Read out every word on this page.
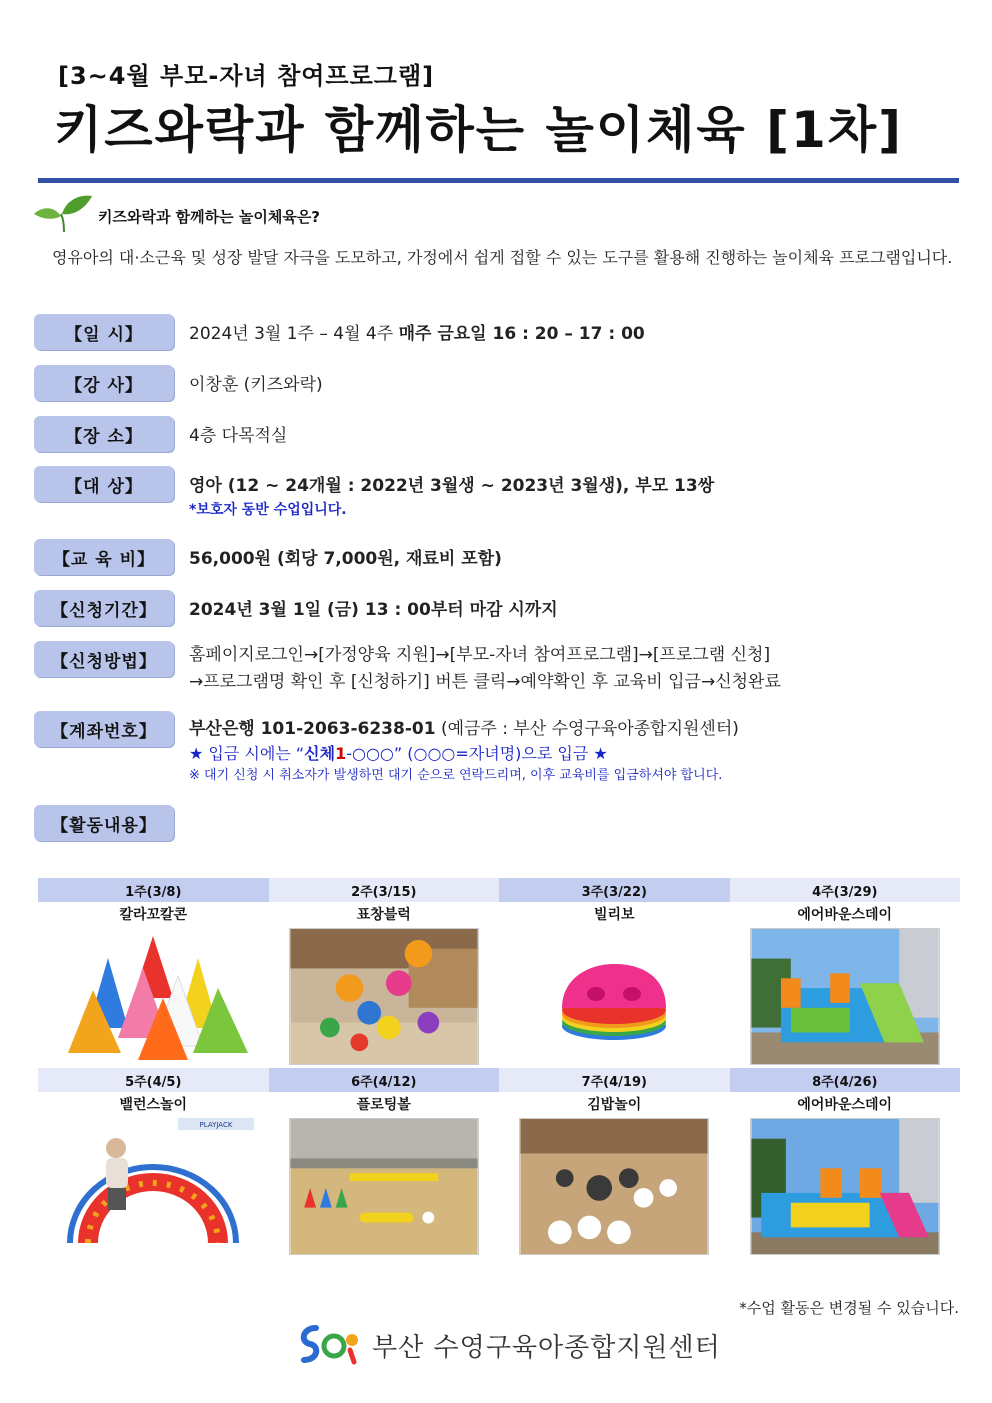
[3~4월 부모-자녀 참여프로그램]
키즈와락과 함께하는 놀이체육 [1차]
키즈와락과 함께하는 놀이체육은?
영유아의 대·소근육 및 성장 발달 자극을 도모하고, 가정에서 쉽게 접할 수 있는 도구를 활용해 진행하는 놀이체육 프로그램입니다.
【일 시】	2024년 3월 1주 – 4월 4주 매주 금요일 16 : 20 – 17 : 00
【강 사】	이창훈 (키즈와락)
【장 소】	4층 다목적실
【대 상】	영아 (12 ~ 24개월 : 2022년 3월생 ~ 2023년 3월생), 부모 13쌍
*보호자 동반 수업입니다.
【교 육 비】	56,000원 (회당 7,000원, 재료비 포함)
【신청기간】	2024년 3월 1일 (금) 13 : 00부터 마감 시까지
【신청방법】	홈페이지로그인→[가정양육 지원]→[부모-자녀 참여프로그램]→[프로그램 신청]
→프로그램명 확인 후 [신청하기] 버튼 클릭→예약확인 후 교육비 입금→신청완료
【계좌번호】	부산은행 101-2063-6238-01 (예금주 : 부산 수영구육아종합지원센터)
★ 입금 시에는 “신체1-○○○” (○○○=자녀명)으로 입금 ★
※ 대기 신청 시 취소자가 발생하면 대기 순으로 연락드리며, 이후 교육비를 입금하셔야 합니다.
【활동내용】
1주(3/8)	2주(3/15)	3주(3/22)	4주(3/29)
칼라꼬칼콘	표창블럭	빌리보	에어바운스데이
5주(4/5)	6주(4/12)	7주(4/19)	8주(4/26)
밸런스놀이	플로팅볼	김밥놀이	에어바운스데이
PLAYJACK
*수업 활동은 변경될 수 있습니다.
부산 수영구육아종합지원센터
